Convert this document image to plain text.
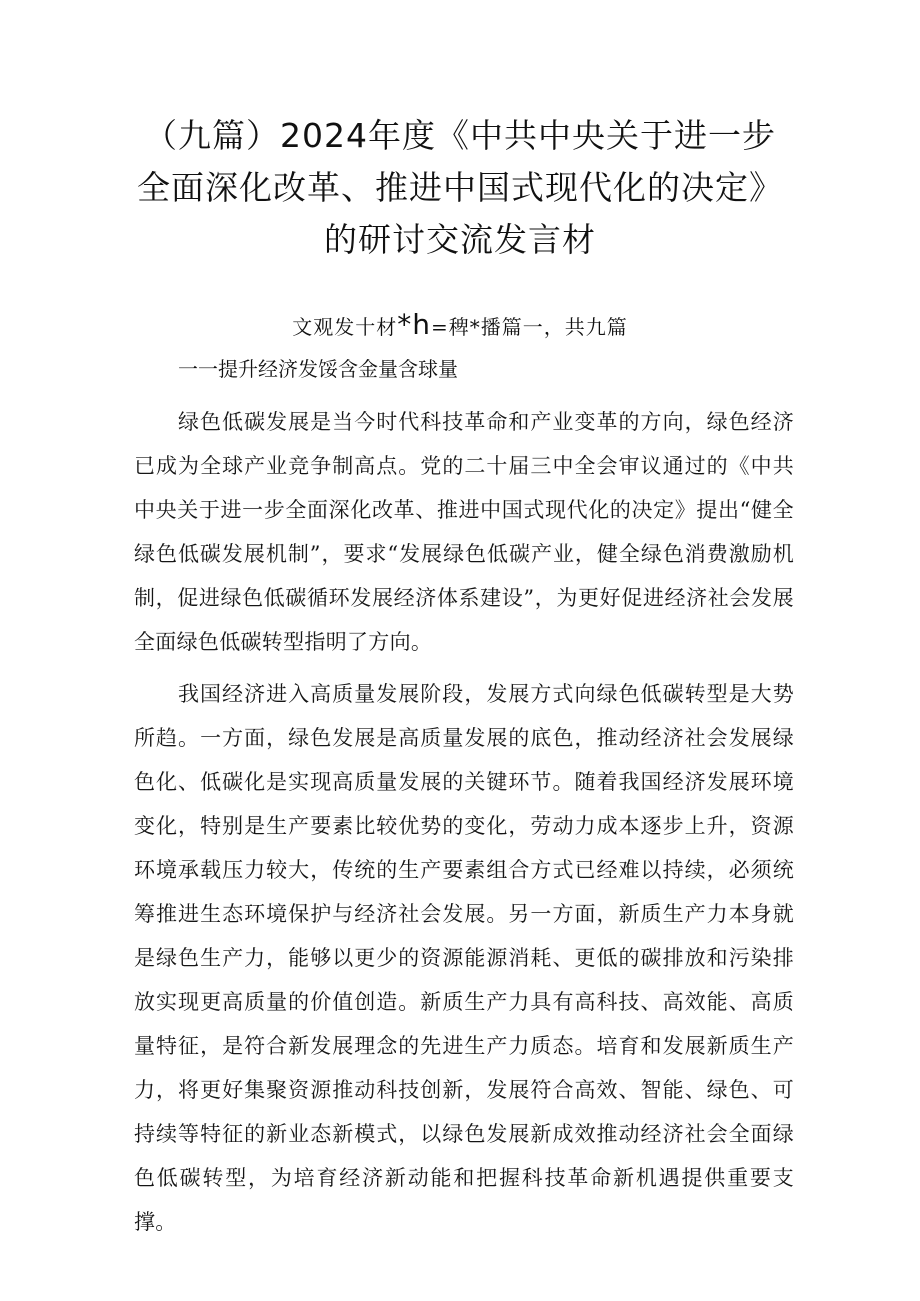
（九篇）2024年度《中共中央关于进一步全面深化改革、推进中国式现代化的决定》的研讨交流发言材
文观发十材*h=稗*播篇一，共九篇
一一提升经济发馁含金量含球量

绿色低碳发展是当今时代科技革命和产业变革的方向，绿色经济已成为全球产业竞争制高点。党的二十届三中全会审议通过的《中共中央关于进一步全面深化改革、推进中国式现代化的决定》提出“健全绿色低碳发展机制”，要求“发展绿色低碳产业，健全绿色消费激励机制，促进绿色低碳循环发展经济体系建设”，为更好促进经济社会发展全面绿色低碳转型指明了方向。

我国经济进入高质量发展阶段，发展方式向绿色低碳转型是大势所趋。一方面，绿色发展是高质量发展的底色，推动经济社会发展绿色化、低碳化是实现高质量发展的关键环节。随着我国经济发展环境变化，特别是生产要素比较优势的变化，劳动力成本逐步上升，资源环境承载压力较大，传统的生产要素组合方式已经难以持续，必须统筹推进生态环境保护与经济社会发展。另一方面，新质生产力本身就是绿色生产力，能够以更少的资源能源消耗、更低的碳排放和污染排放实现更高质量的价值创造。新质生产力具有高科技、高效能、高质量特征，是符合新发展理念的先进生产力质态。培育和发展新质生产力，将更好集聚资源推动科技创新，发展符合高效、智能、绿色、可持续等特征的新业态新模式，以绿色发展新成效推动经济社会全面绿色低碳转型，为培育经济新动能和把握科技革命新机遇提供重要支撑。
